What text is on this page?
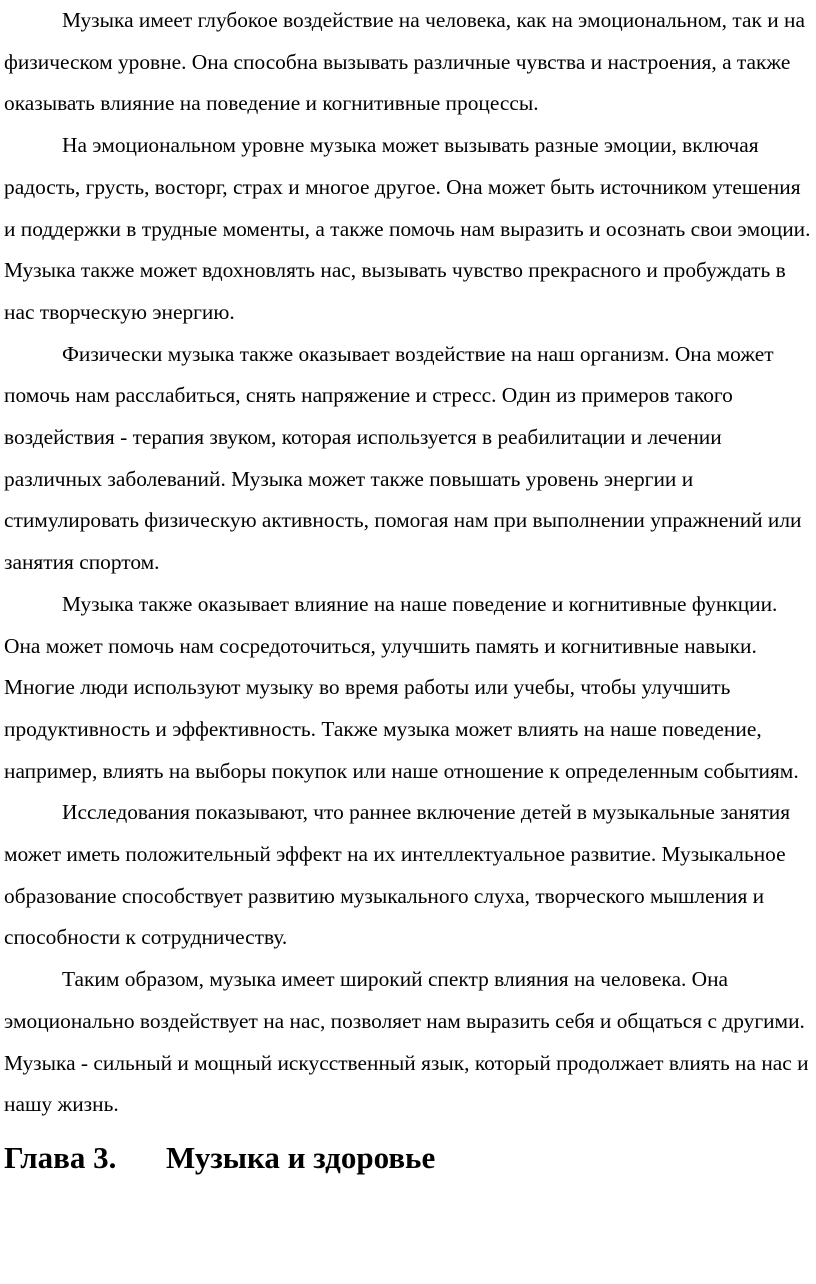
Музыка имеет глубокое воздействие на человека, как на эмоциональном, так и на физическом уровне. Она способна вызывать различные чувства и настроения, а также оказывать влияние на поведение и когнитивные процессы.

На эмоциональном уровне музыка может вызывать разные эмоции, включая радость, грусть, восторг, страх и многое другое. Она может быть источником утешения и поддержки в трудные моменты, а также помочь нам выразить и осознать свои эмоции. Музыка также может вдохновлять нас, вызывать чувство прекрасного и пробуждать в нас творческую энергию.

Физически музыка также оказывает воздействие на наш организм. Она может помочь нам расслабиться, снять напряжение и стресс. Один из примеров такого воздействия - терапия звуком, которая используется в реабилитации и лечении различных заболеваний. Музыка может также повышать уровень энергии и стимулировать физическую активность, помогая нам при выполнении упражнений или занятия спортом.

Музыка также оказывает влияние на наше поведение и когнитивные функции. Она может помочь нам сосредоточиться, улучшить память и когнитивные навыки. Многие люди используют музыку во время работы или учебы, чтобы улучшить продуктивность и эффективность. Также музыка может влиять на наше поведение, например, влиять на выборы покупок или наше отношение к определенным событиям.

Исследования показывают, что раннее включение детей в музыкальные занятия может иметь положительный эффект на их интеллектуальное развитие. Музыкальное образование способствует развитию музыкального слуха, творческого мышления и способности к сотрудничеству.

Таким образом, музыка имеет широкий спектр влияния на человека. Она эмоционально воздействует на нас, позволяет нам выразить себя и общаться с другими. Музыка - сильный и мощный искусственный язык, который продолжает влиять на нас и нашу жизнь.

Глава 3. Музыка и здоровье
